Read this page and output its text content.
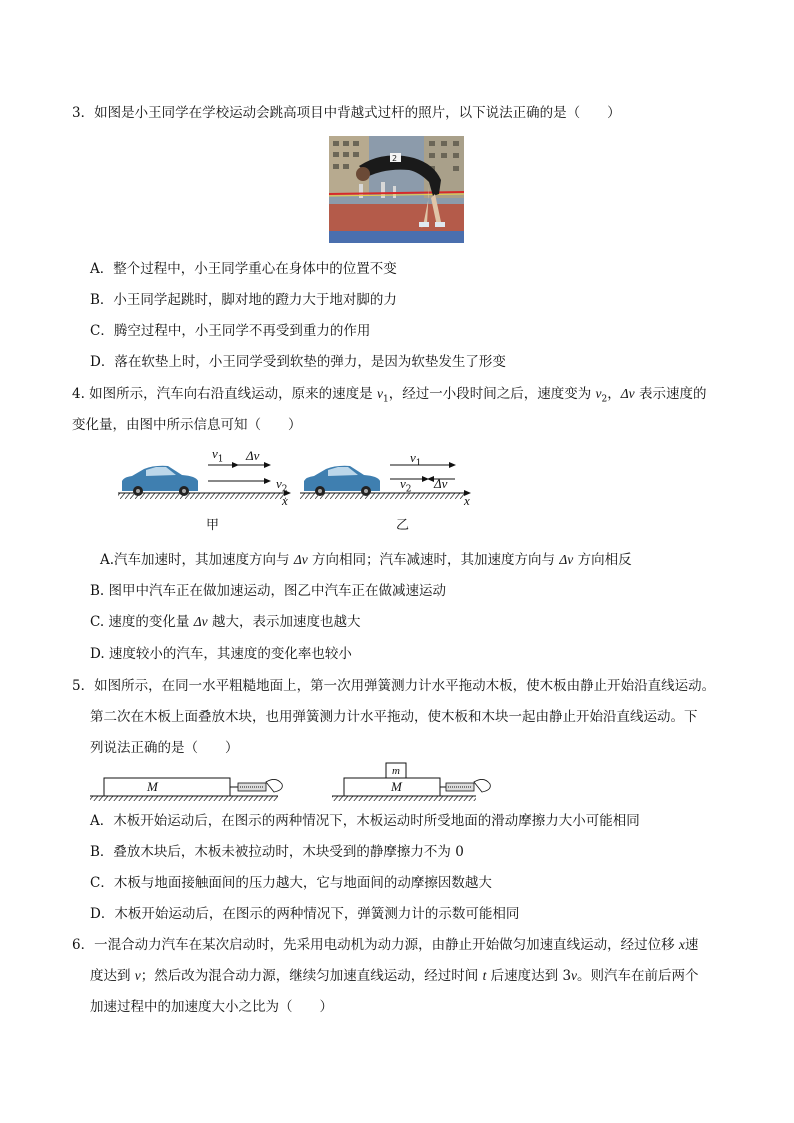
3．如图是小王同学在学校运动会跳高项目中背越式过杆的照片，以下说法正确的是（　　）
2
A．整个过程中，小王同学重心在身体中的位置不变
B．小王同学起跳时，脚对地的蹬力大于地对脚的力
C．腾空过程中，小王同学不再受到重力的作用
D．落在软垫上时，小王同学受到软垫的弹力，是因为软垫发生了形变
4. 如图所示，汽车向右沿直线运动，原来的速度是 $v_1$，经过一小段时间之后，速度变为 $v_2$，Δv 表示速度的
变化量，由图中所示信息可知（　　）
$v_1$ Δv
$v_2$
x
$v_1$
$v_2$ Δv
x
甲	乙
A.汽车加速时，其加速度方向与 Δv 方向相同；汽车减速时，其加速度方向与 Δv 方向相反
B. 图甲中汽车正在做加速运动，图乙中汽车正在做减速运动
C. 速度的变化量 Δv 越大，表示加速度也越大
D. 速度较小的汽车，其速度的变化率也较小
5．如图所示，在同一水平粗糙地面上，第一次用弹簧测力计水平拖动木板，使木板由静止开始沿直线运动。
第二次在木板上面叠放木块，也用弹簧测力计水平拖动，使木板和木块一起由静止开始沿直线运动。下
列说法正确的是（　　）
M	M
m
A．木板开始运动后，在图示的两种情况下，木板运动时所受地面的滑动摩擦力大小可能相同
B．叠放木块后，木板未被拉动时，木块受到的静摩擦力不为 0
C．木板与地面接触面间的压力越大，它与地面间的动摩擦因数越大
D．木板开始运动后，在图示的两种情况下，弹簧测力计的示数可能相同
6．一混合动力汽车在某次启动时，先采用电动机为动力源，由静止开始做匀加速直线运动，经过位移 x速
度达到 v；然后改为混合动力源，继续匀加速直线运动，经过时间 t 后速度达到 3v。则汽车在前后两个
加速过程中的加速度大小之比为（　　）
